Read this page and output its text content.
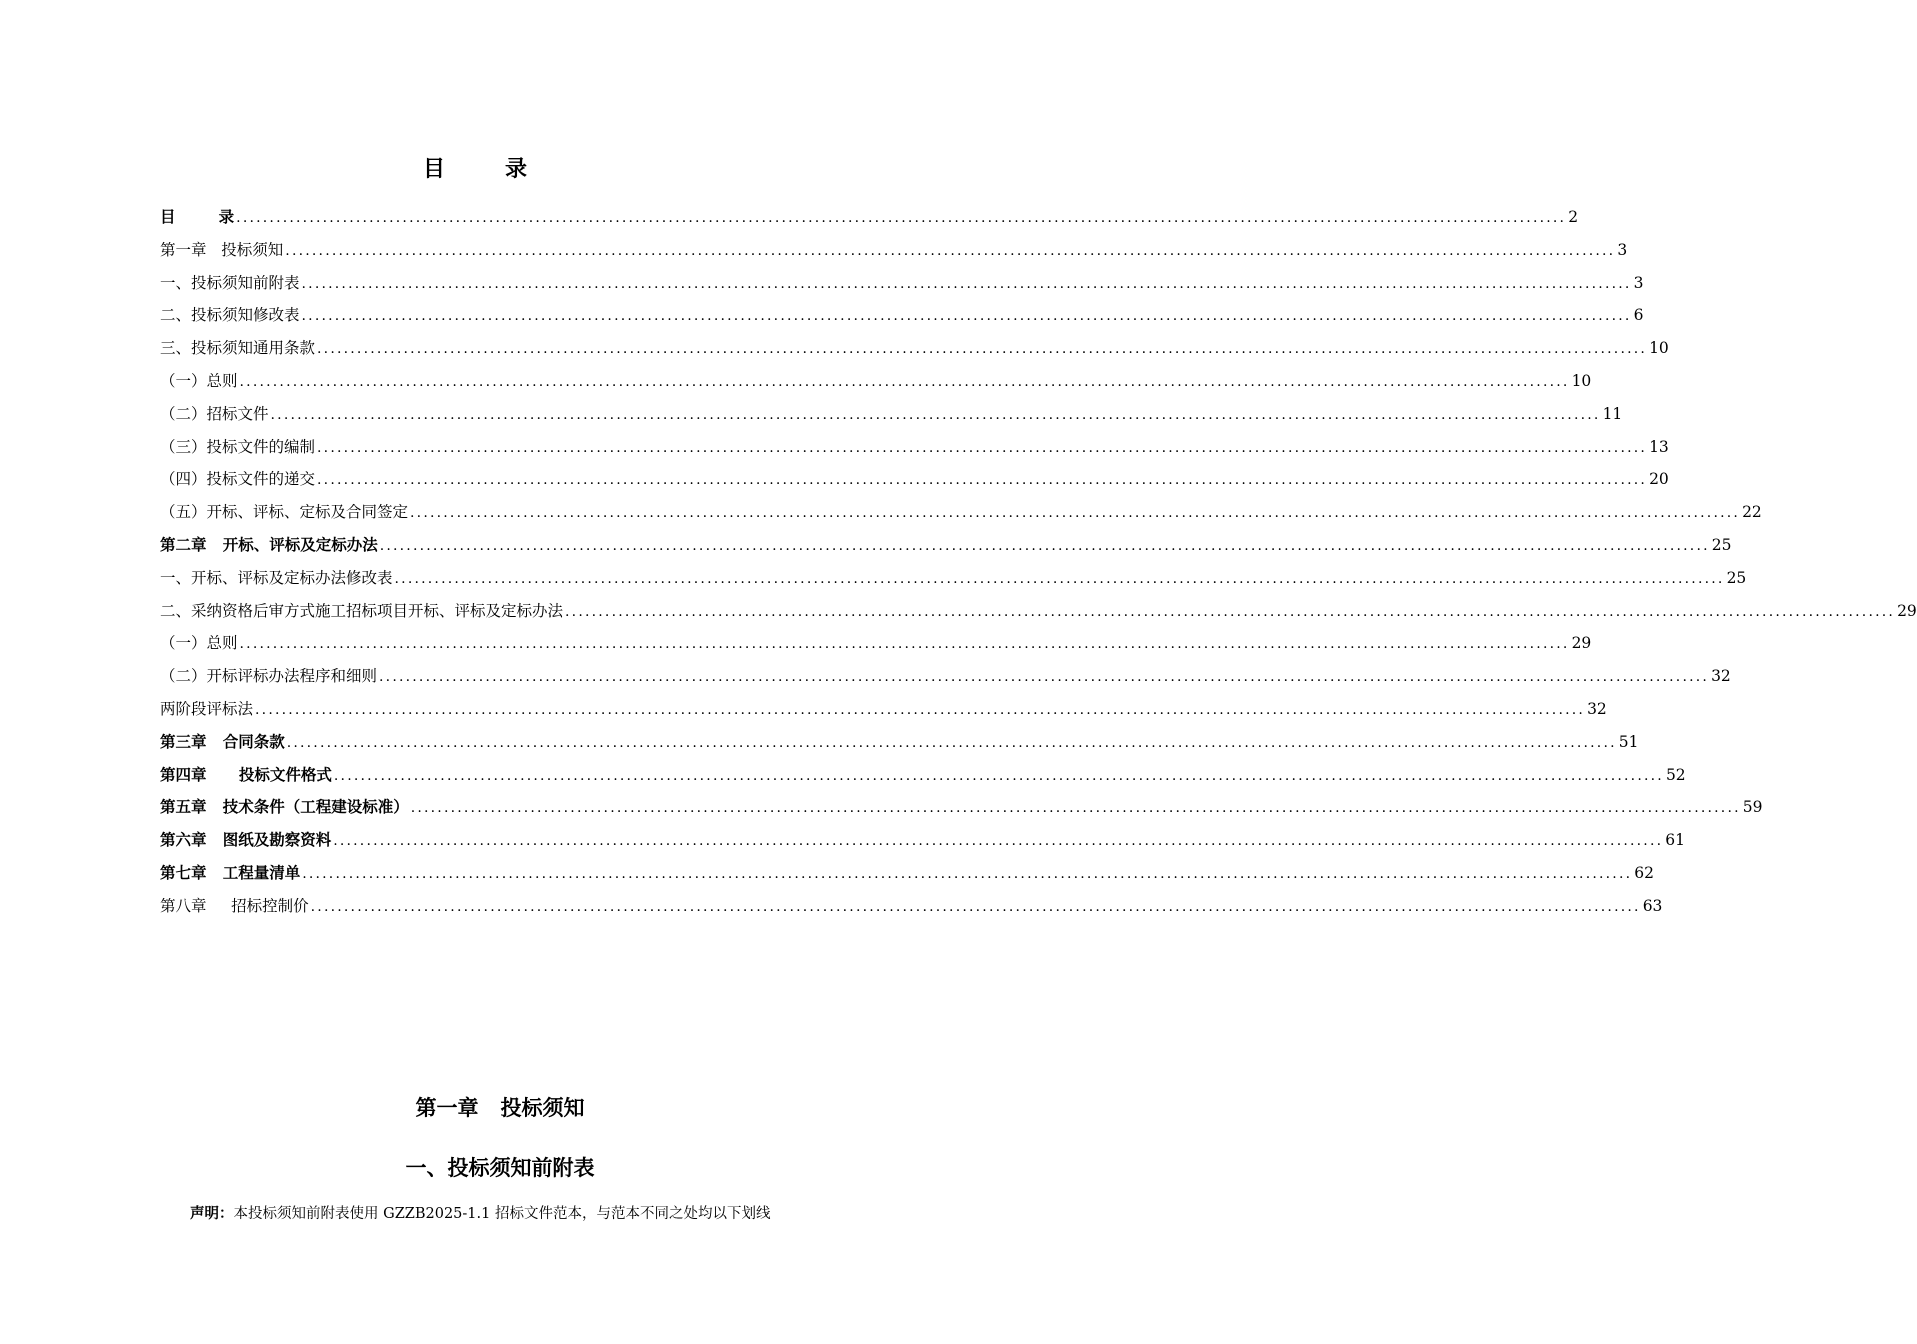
目	录
目        录 ........................................................................................................................................................................................................ 2
第一章   投标须知 ........................................................................................................................................................................................................ 3
一、投标须知前附表 ........................................................................................................................................................................................................ 3
二、投标须知修改表 ........................................................................................................................................................................................................ 6
三、投标须知通用条款 ........................................................................................................................................................................................................ 10
（一）总则 ........................................................................................................................................................................................................ 10
（二）招标文件 ........................................................................................................................................................................................................ 11
（三）投标文件的编制 ........................................................................................................................................................................................................ 13
（四）投标文件的递交 ........................................................................................................................................................................................................ 20
（五）开标、评标、定标及合同签定 ........................................................................................................................................................................................................ 22
第二章   开标、评标及定标办法 ........................................................................................................................................................................................................ 25
一、开标、评标及定标办法修改表 ........................................................................................................................................................................................................ 25
二、采纳资格后审方式施工招标项目开标、评标及定标办法 ........................................................................................................................................................................................................ 29
（一）总则 ........................................................................................................................................................................................................ 29
（二）开标评标办法程序和细则 ........................................................................................................................................................................................................ 32
两阶段评标法 ........................................................................................................................................................................................................ 32
第三章   合同条款 ........................................................................................................................................................................................................ 51
第四章      投标文件格式 ........................................................................................................................................................................................................ 52
第五章   技术条件（工程建设标准） ........................................................................................................................................................................................................ 59
第六章   图纸及勘察资料 ........................................................................................................................................................................................................ 61
第七章   工程量清单 ........................................................................................................................................................................................................ 62
第八章     招标控制价 ........................................................................................................................................................................................................ 63
第一章   投标须知
一、投标须知前附表
声明：本投标须知前附表使用 GZZB2025-1.1 招标文件范本，与范本不同之处均以下划线
